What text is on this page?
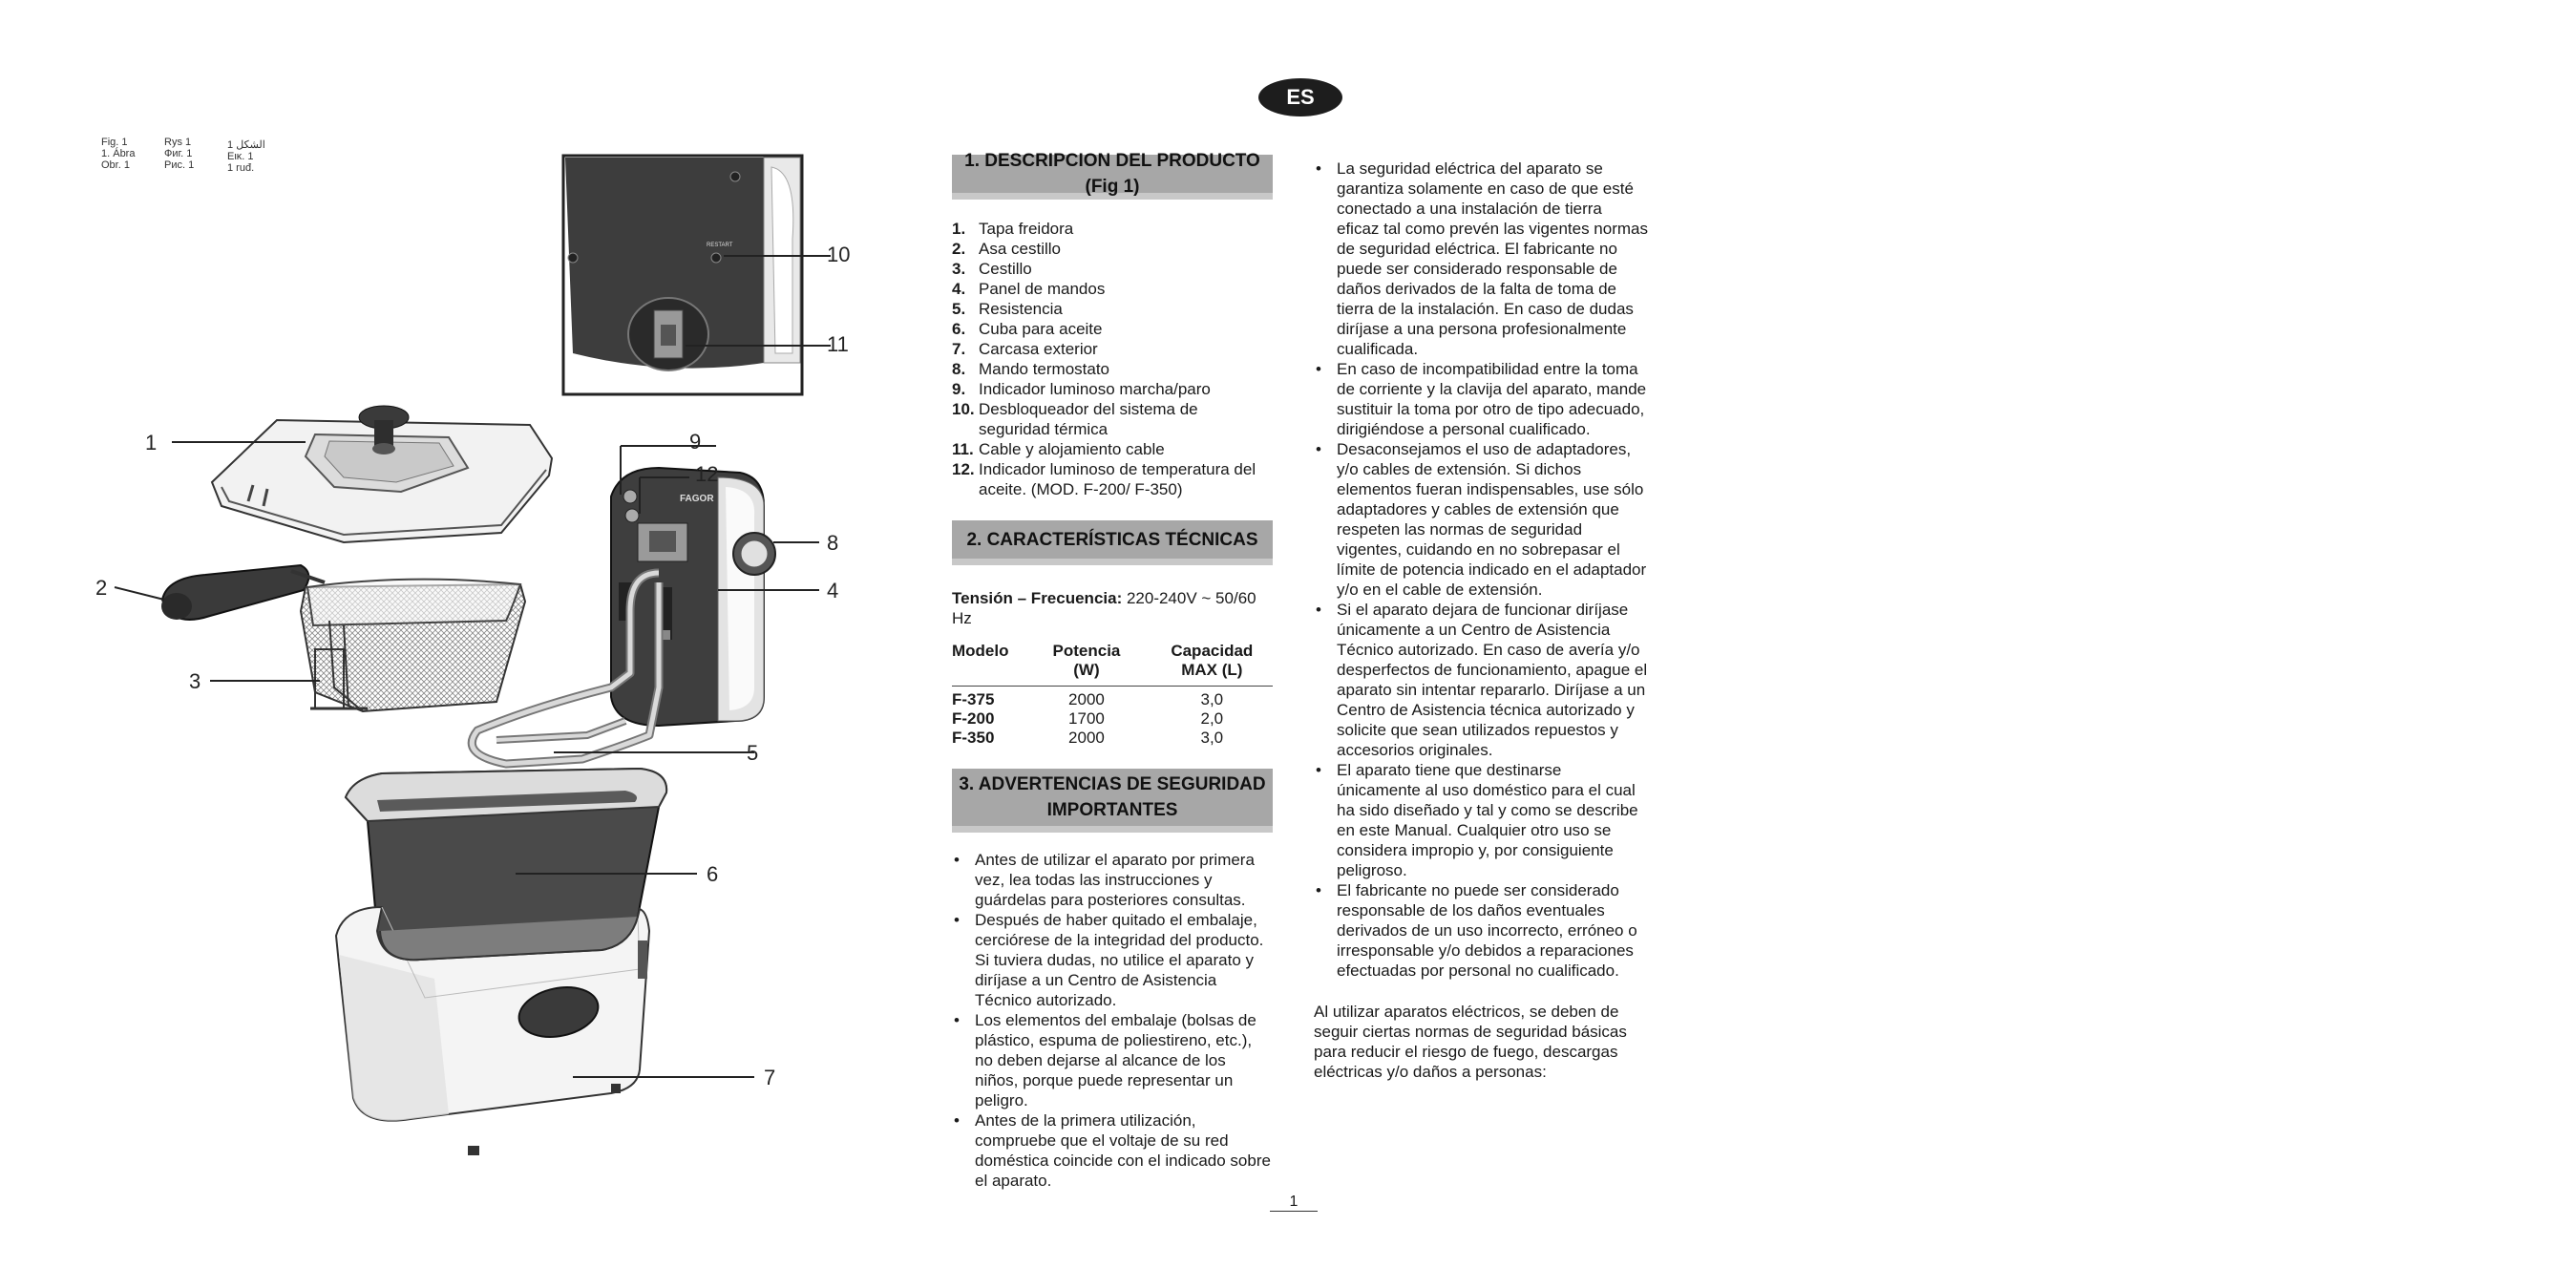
Fig. 1
1. Ábra
Obr. 1
Rys 1
Фиг. 1
Рис. 1
1 الشكل
Εικ. 1
1 ruđ.
RESTART
FAGOR
1
2
3
4
5
6
7
8
9
10
11
12
ES
1. DESCRIPCION DEL PRODUCTO (Fig 1)
1. Tapa freidora
2. Asa cestillo
3. Cestillo
4. Panel de mandos
5. Resistencia
6. Cuba para aceite
7. Carcasa exterior
8. Mando termostato
9. Indicador luminoso marcha/paro
10. Desbloqueador del sistema de seguridad térmica
11. Cable y alojamiento cable
12. Indicador luminoso de temperatura del aceite. (MOD. F-200/ F-350)
2. CARACTERÍSTICAS TÉCNICAS
Tensión – Frecuencia: 220-240V ~ 50/60 Hz
Modelo	Potencia (W)	Capacidad MAX (L)
F-375	2000	3,0
F-200	1700	2,0
F-350	2000	3,0
3. ADVERTENCIAS DE SEGURIDAD
IMPORTANTES
• Antes de utilizar el aparato por primera vez, lea todas las instrucciones y guárdelas para posteriores consultas.
• Después de haber quitado el embalaje, cerciórese de la integridad del producto. Si tuviera dudas, no utilice el aparato y diríjase a un Centro de Asistencia Técnico autorizado.
• Los elementos del embalaje (bolsas de plástico, espuma de poliestireno, etc.), no deben dejarse al alcance de los niños, porque puede representar un peligro.
• Antes de la primera utilización, compruebe que el voltaje de su red doméstica coincide con el indicado sobre el aparato.
• La seguridad eléctrica del aparato se garantiza solamente en caso de que esté conectado a una instalación de tierra eficaz tal como prevén las vigentes normas de seguridad eléctrica. El fabricante no puede ser considerado responsable de daños derivados de la falta de toma de tierra de la instalación. En caso de dudas diríjase a una persona profesionalmente cualificada.
• En caso de incompatibilidad entre la toma de corriente y la clavija del aparato, mande sustituir la toma por otro de tipo adecuado, dirigiéndose a personal cualificado.
• Desaconsejamos el uso de adaptadores, y/o cables de extensión. Si dichos elementos fueran indispensables, use sólo adaptadores y cables de extensión que respeten las normas de seguridad vigentes, cuidando en no sobrepasar el límite de potencia indicado en el adaptador y/o en el cable de extensión.
• Si el aparato dejara de funcionar diríjase únicamente a un Centro de Asistencia Técnico autorizado. En caso de avería y/o desperfectos de funcionamiento, apague el aparato sin intentar repararlo. Diríjase a un Centro de Asistencia técnica autorizado y solicite que sean utilizados repuestos y accesorios originales.
• El aparato tiene que destinarse únicamente al uso doméstico para el cual ha sido diseñado y tal y como se describe en este Manual. Cualquier otro uso se considera impropio y, por consiguiente peligroso.
• El fabricante no puede ser considerado responsable de los daños eventuales derivados de un uso incorrecto, erróneo o irresponsable y/o debidos a reparaciones efectuadas por personal no cualificado.

Al utilizar aparatos eléctricos, se deben de seguir ciertas normas de seguridad básicas para reducir el riesgo de fuego, descargas eléctricas y/o daños a personas:

1
